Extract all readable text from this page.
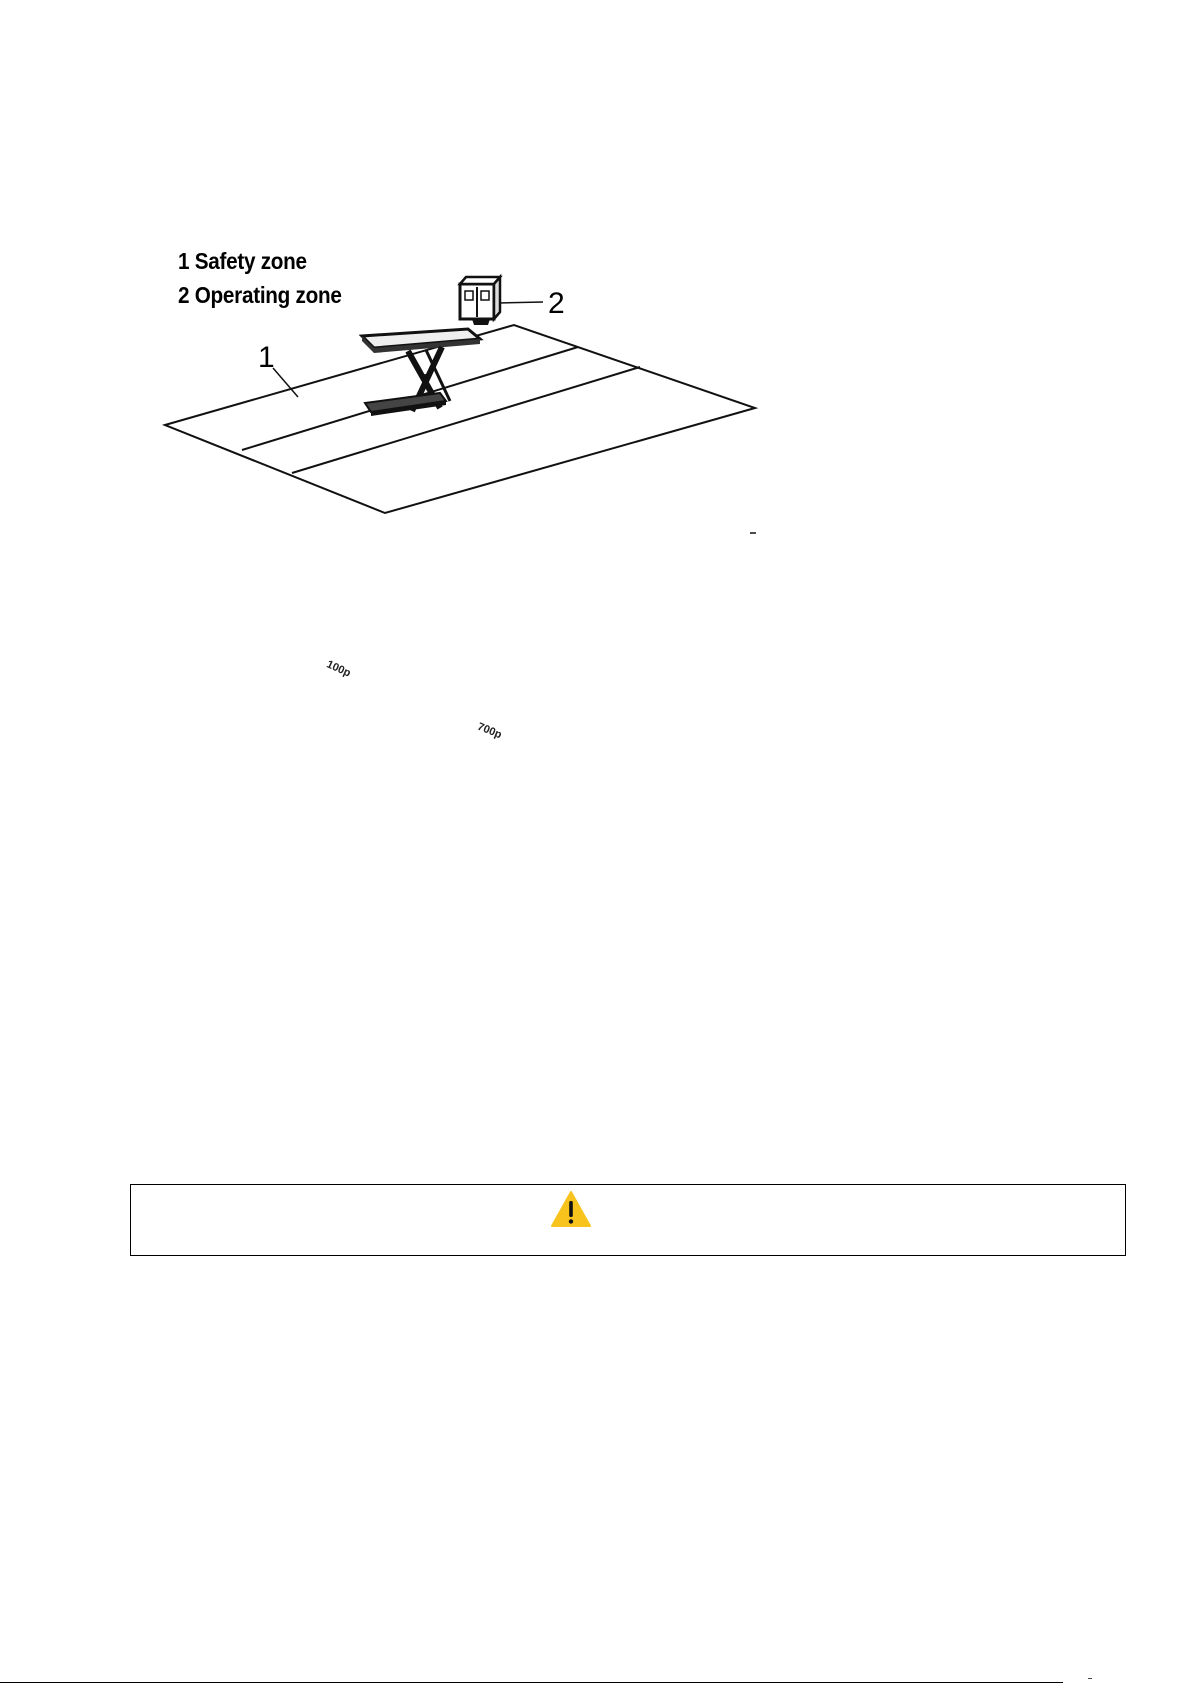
100p
700p
1 Safety zone
2 Operating zone
1
2
